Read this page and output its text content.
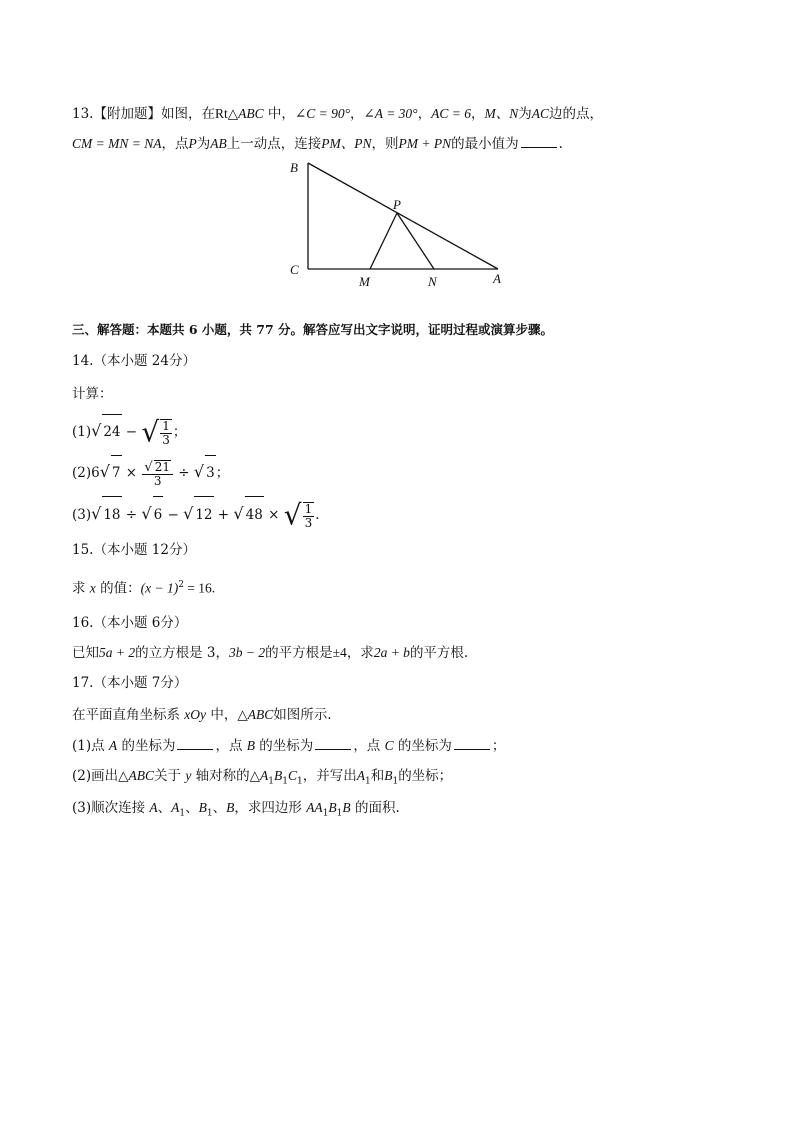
13.【附加题】如图，在Rt△ABC 中，∠C = 90°，∠A = 30°，AC = 6，M、N为AC边的点，
CM = MN = NA，点P为AB上一动点，连接PM、PN，则PM + PN的最小值为	.
B
P
C
M	N	A
三、解答题：本题共 6 小题，共 77 分。解答应写出文字说明，证明过程或演算步骤。
14.（本小题 24分）
计算：
(1)√ 24 − √ $\frac{1}{3}$ ；
(2)6√ $7 \times \frac{√ 21}{3}$ ÷ √ 3；
(3)√ 18 ÷ √ 6 − √ 12 + √ 48 × √ $\frac{1}{3}$ .
15.（本小题 12分）
求 x 的值：$(x - 1)^2 = 16$.
16.（本小题 6分）
已知5a + 2的立方根是 3，3b − 2的平方根是±4，求2a + b的平方根.
17.（本小题 7分）
在平面直角坐标系 xOy 中，△ABC如图所示.
(1)点 A 的坐标为	，点 B 的坐标为	，点 C 的坐标为	；
(2)画出△ABC关于 y 轴对称的$\triangle A_1B_1C_1$，并写出$A_1$和$B_1$的坐标；
(3)顺次连接 A、$A_1$、$B_1$、B，求四边形 $AA_1B_1B$ 的面积.
